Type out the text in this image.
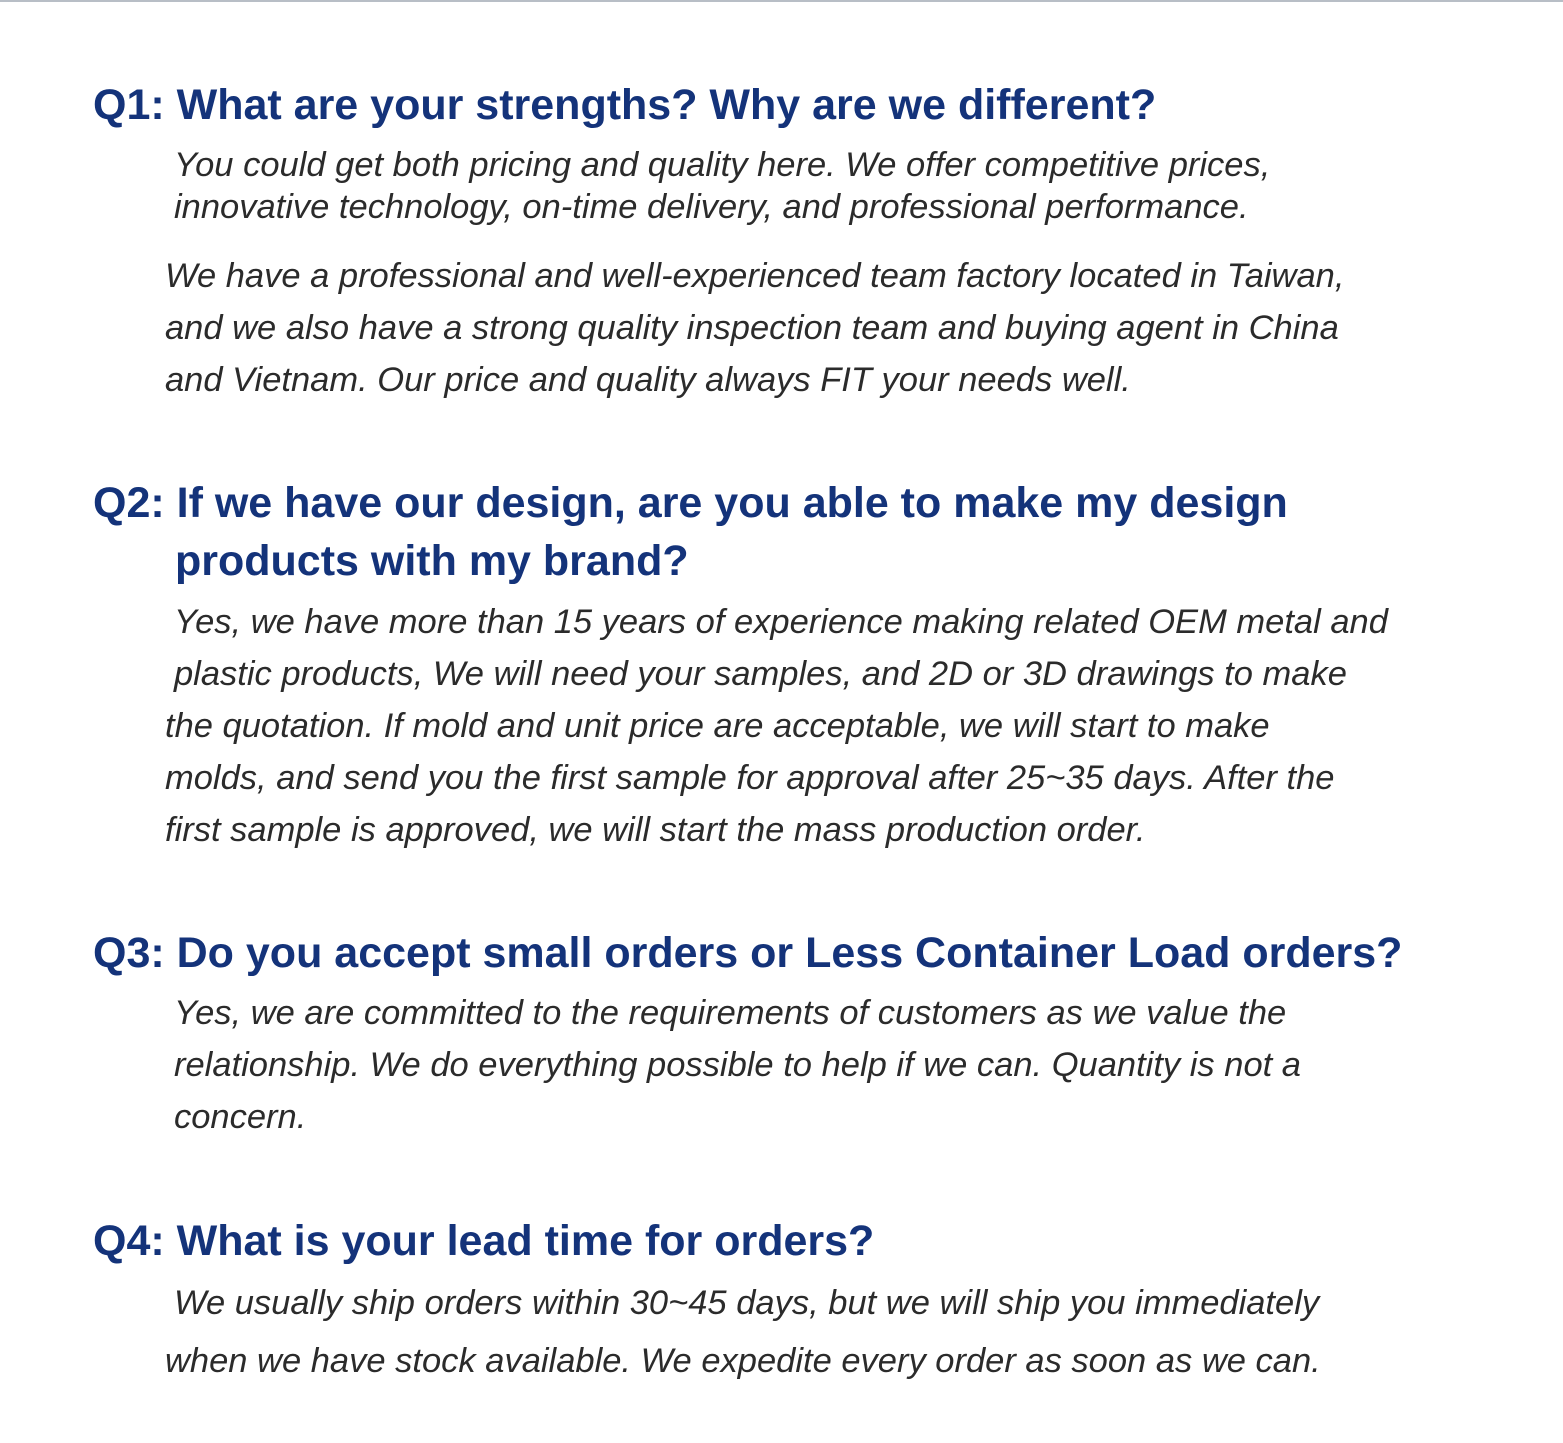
Q1: What are your strengths? Why are we different?

You could get both pricing and quality here. We offer competitive prices,
innovative technology, on-time delivery, and professional performance.

We have a professional and well-experienced team factory located in Taiwan,
and we also have a strong quality inspection team and buying agent in China
and Vietnam. Our price and quality always FIT your needs well.

Q2: If we have our design, are you able to make my design
products with my brand?

Yes, we have more than 15 years of experience making related OEM metal and
plastic products, We will need your samples, and 2D or 3D drawings to make
the quotation. If mold and unit price are acceptable, we will start to make
molds, and send you the first sample for approval after 25~35 days. After the
first sample is approved, we will start the mass production order.

Q3: Do you accept small orders or Less Container Load orders?

Yes, we are committed to the requirements of customers as we value the
relationship. We do everything possible to help if we can. Quantity is not a
concern.

Q4: What is your lead time for orders?

We usually ship orders within 30~45 days, but we will ship you immediately
when we have stock available. We expedite every order as soon as we can.
